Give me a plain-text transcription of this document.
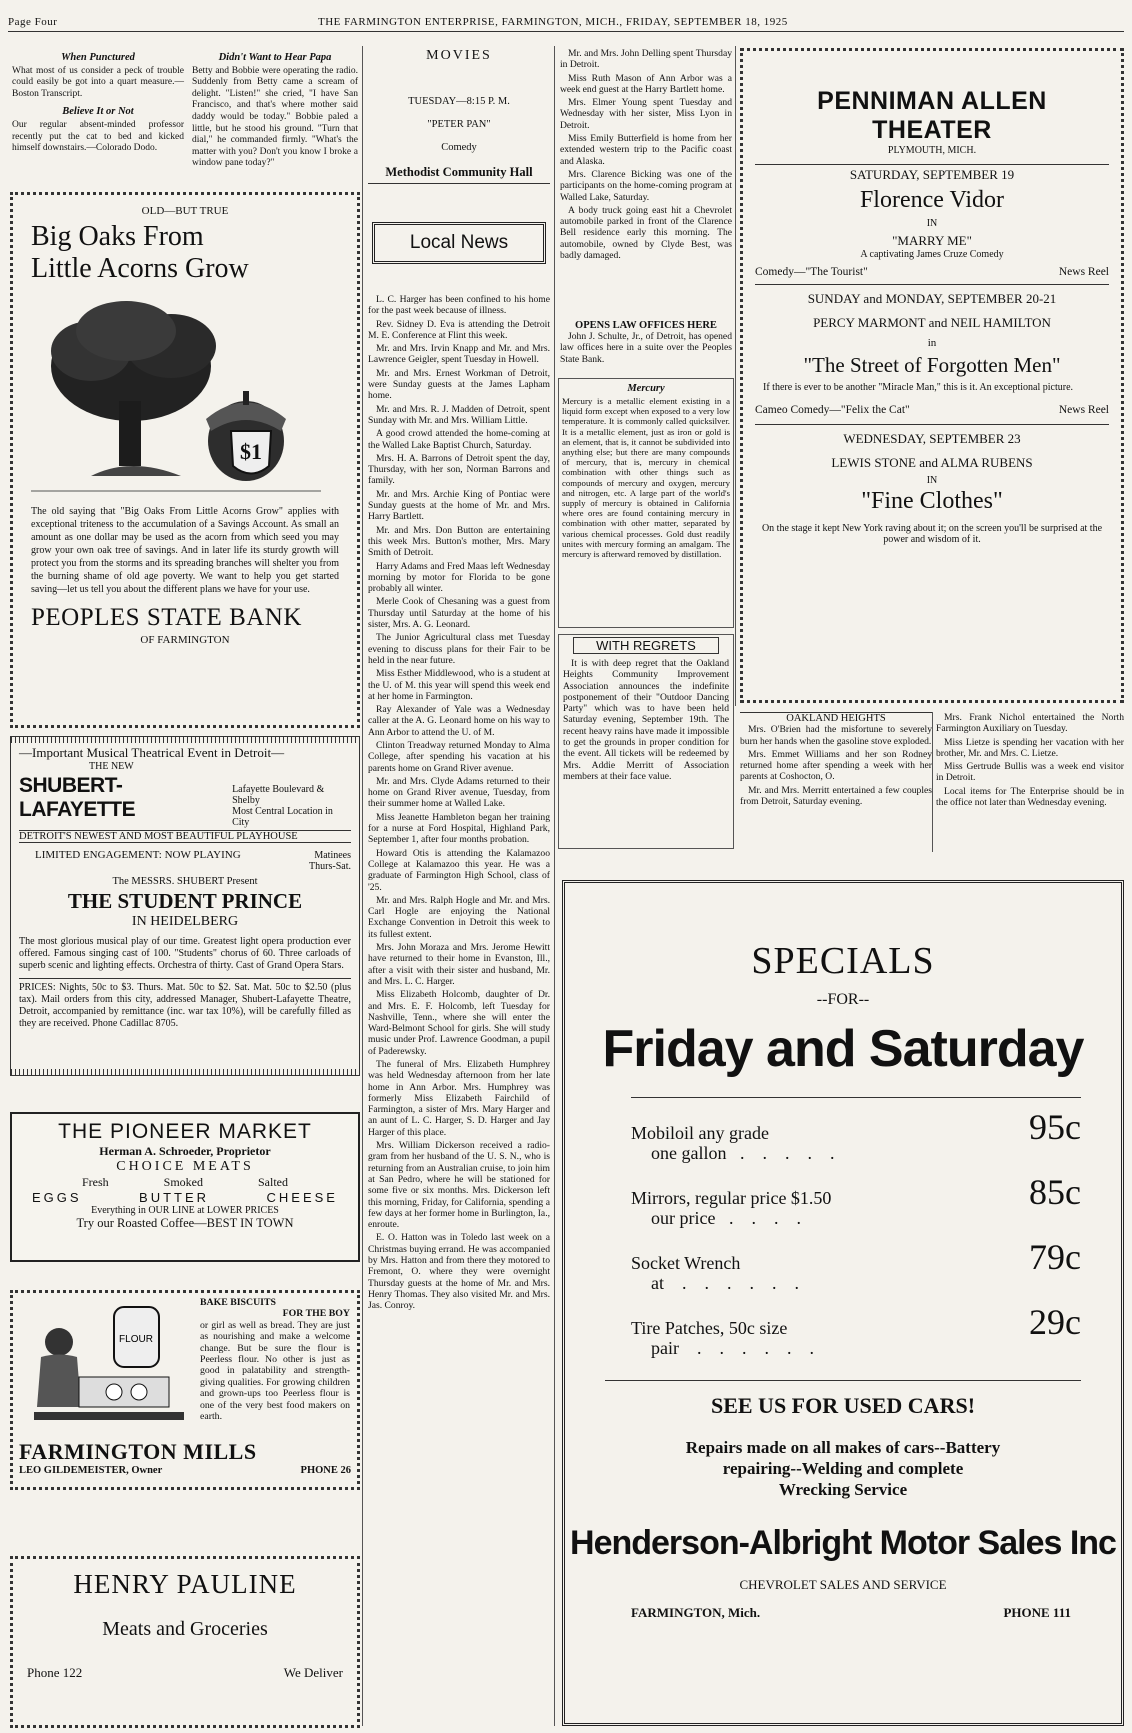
Page Four	THE FARMINGTON ENTERPRISE, FARMINGTON, MICH., FRIDAY, SEPTEMBER 18, 1925
When Punctured
What most of us consider a peck of trouble could easily be got into a quart measure.—Boston Transcript.
Believe It or Not
Our regular absent-minded professor recently put the cat to bed and kicked himself downstairs.—Colorado Dodo.
Didn't Want to Hear Papa
Betty and Bobbie were operating the radio. Suddenly from Betty came a scream of delight. "Listen!" she cried, "I have San Francisco, and that's where mother said daddy would be today." Bobbie paled a little, but he stood his ground. "Turn that dial," he commanded firmly. "What's the matter with you? Don't you know I broke a window pane today?"
OLD—BUT TRUE
Big Oaks From
Little Acorns Grow
$1
The old saying that "Big Oaks From Little Acorns Grow" applies with exceptional triteness to the accumulation of a Savings Account. As small an amount as one dollar may be used as the acorn from which seed you may grow your own oak tree of savings. And in later life its sturdy growth will protect you from the storms and its spreading branches will shelter you from the burning shame of old age poverty. We want to help you get started saving—let us tell you about the different plans we have for your use.
PEOPLES STATE BANK
OF FARMINGTON
—Important Musical Theatrical Event in Detroit—
THE NEW
SHUBERT-LAFAYETTE
Lafayette Boulevard & Shelby
Most Central Location in City
DETROIT'S NEWEST AND MOST BEAUTIFUL PLAYHOUSE
LIMITED ENGAGEMENT: NOW PLAYING	Matinees
Thurs-Sat.
The MESSRS. SHUBERT Present
THE STUDENT PRINCE
IN HEIDELBERG
The most glorious musical play of our time. Greatest light opera production ever offered. Famous singing cast of 100. "Students" chorus of 60. Three carloads of superb scenic and lighting effects. Orchestra of thirty. Cast of Grand Opera Stars.
PRICES: Nights, 50c to $3. Thurs. Mat. 50c to $2. Sat. Mat. 50c to $2.50 (plus tax). Mail orders from this city, addressed Manager, Shubert-Lafayette Theatre, Detroit, accompanied by remittance (inc. war tax 10%), will be carefully filled as they are received. Phone Cadillac 8705.
THE PIONEER MARKET
Herman A. Schroeder, Proprietor
CHOICE MEATS
Fresh	Smoked	Salted
EGGS	BUTTER	CHEESE
Everything in OUR LINE at LOWER PRICES
Try our Roasted Coffee—BEST IN TOWN
FLOUR
BAKE BISCUITS
FOR THE BOY
or girl as well as bread. They are just as nourishing and make a welcome change. But be sure the flour is Peerless flour. No other is just as good in palatability and strength-giving qualities. For growing children and grown-ups too Peerless flour is one of the very best food makers on earth.
FARMINGTON MILLS
LEO GILDEMEISTER, Owner	PHONE 26
HENRY PAULINE
Meats and Groceries
Phone 122	We Deliver
MOVIES
TUESDAY—8:15 P. M.
"PETER PAN"
Comedy
Methodist Community Hall
Local News

L. C. Harger has been confined to his home for the past week because of illness.

Rev. Sidney D. Eva is attending the Detroit M. E. Conference at Flint this week.

Mr. and Mrs. Irvin Knapp and Mr. and Mrs. Lawrence Geigler, spent Tuesday in Howell.

Mr. and Mrs. Ernest Workman of Detroit, were Sunday guests at the James Lapham home.

Mr. and Mrs. R. J. Madden of Detroit, spent Sunday with Mr. and Mrs. William Little.

A good crowd attended the home-coming at the Walled Lake Baptist Church, Saturday.

Mrs. H. A. Barrons of Detroit spent the day, Thursday, with her son, Norman Barrons and family.

Mr. and Mrs. Archie King of Pontiac were Sunday guests at the home of Mr. and Mrs. Harry Bartlett.

Mr. and Mrs. Don Button are entertaining this week Mrs. Button's mother, Mrs. Mary Smith of Detroit.

Harry Adams and Fred Maas left Wednesday morning by motor for Florida to be gone probably all winter.

Merle Cook of Chesaning was a guest from Thursday until Saturday at the home of his sister, Mrs. A. G. Leonard.

The Junior Agricultural class met Tuesday evening to discuss plans for their Fair to be held in the near future.

Miss Esther Middlewood, who is a student at the U. of M. this year will spend this week end at her home in Farmington.

Ray Alexander of Yale was a Wednesday caller at the A. G. Leonard home on his way to Ann Arbor to attend the U. of M.

Clinton Treadway returned Monday to Alma College, after spending his vacation at his parents home on Grand River avenue.

Mr. and Mrs. Clyde Adams returned to their home on Grand River avenue, Tuesday, from their summer home at Walled Lake.

Miss Jeanette Hambleton began her training for a nurse at Ford Hospital, Highland Park, September 1, after four months probation.

Howard Otis is attending the Kalamazoo College at Kalamazoo this year. He was a graduate of Farmington High School, class of '25.

Mr. and Mrs. Ralph Hogle and Mr. and Mrs. Carl Hogle are enjoying the National Exchange Convention in Detroit this week to its fullest extent.

Mrs. John Moraza and Mrs. Jerome Hewitt have returned to their home in Evanston, Ill., after a visit with their sister and husband, Mr. and Mrs. L. C. Harger.

Miss Elizabeth Holcomb, daughter of Dr. and Mrs. E. F. Holcomb, left Tuesday for Nashville, Tenn., where she will enter the Ward-Belmont School for girls. She will study music under Prof. Lawrence Goodman, a pupil of Paderewsky.

The funeral of Mrs. Elizabeth Humphrey was held Wednesday afternoon from her late home in Ann Arbor. Mrs. Humphrey was formerly Miss Elizabeth Fairchild of Farmington, a sister of Mrs. Mary Harger and an aunt of L. C. Harger, S. D. Harger and Jay Harger of this place.

Mrs. William Dickerson received a radio-gram from her husband of the U. S. N., who is returning from an Australian cruise, to join him at San Pedro, where he will be stationed for some five or six months. Mrs. Dickerson left this morning, Friday, for California, spending a few days at her former home in Burlington, Ia., enroute.

E. O. Hatton was in Toledo last week on a Christmas buying errand. He was accompanied by Mrs. Hatton and from there they motored to Fremont, O. where they were overnight Thursday guests at the home of Mr. and Mrs. Henry Thomas. They also visited Mr. and Mrs. Jas. Conroy.

Mr. and Mrs. John Delling spent Thursday in Detroit.

Miss Ruth Mason of Ann Arbor was a week end guest at the Harry Bartlett home.

Mrs. Elmer Young spent Tuesday and Wednesday with her sister, Miss Lyon in Detroit.

Miss Emily Butterfield is home from her extended western trip to the Pacific coast and Alaska.

Mrs. Clarence Bicking was one of the participants on the home-coming program at Walled Lake, Saturday.

A body truck going east hit a Chevrolet automobile parked in front of the Clarence Bell residence early this morning. The automobile, owned by Clyde Best, was badly damaged.

OPENS LAW OFFICES HERE
John J. Schulte, Jr., of Detroit, has opened law offices here in a suite over the Peoples State Bank.
Mercury
Mercury is a metallic element existing in a liquid form except when exposed to a very low temperature. It is commonly called quicksilver. It is a metallic element, just as iron or gold is an element, that is, it cannot be subdivided into anything else; but there are many compounds of mercury, that is, mercury in chemical combination with other things such as compounds of mercury and oxygen, mercury and nitrogen, etc. A large part of the world's supply of mercury is obtained in California where ores are found containing mercury in combination with other matter, separated by various chemical processes. Gold dust readily unites with mercury forming an amalgam. The mercury is afterward removed by distillation.
WITH REGRETS
It is with deep regret that the Oakland Heights Community Improvement Association announces the indefinite postponement of their "Outdoor Dancing Party" which was to have been held Saturday evening, September 19th. The recent heavy rains have made it impossible to get the grounds in proper condition for the event. All tickets will be redeemed by Mrs. Addie Merritt of Association members at their face value.
PENNIMAN ALLEN THEATER
PLYMOUTH, MICH.
SATURDAY, SEPTEMBER 19
Florence Vidor
IN
"MARRY ME"
A captivating James Cruze Comedy
Comedy—"The Tourist"	News Reel
SUNDAY and MONDAY, SEPTEMBER 20-21
PERCY MARMONT and NEIL HAMILTON
in
"The Street of Forgotten Men"
If there is ever to be another "Miracle Man," this is it. An exceptional picture.
Cameo Comedy—"Felix the Cat"	News Reel
WEDNESDAY, SEPTEMBER 23
LEWIS STONE and ALMA RUBENS
IN
"Fine Clothes"
On the stage it kept New York raving about it; on the screen you'll be surprised at the power and wisdom of it.
OAKLAND HEIGHTS

Mrs. O'Brien had the misfortune to severely burn her hands when the gasoline stove exploded.

Mrs. Emmet Williams and her son Rodney returned home after spending a week with her parents at Coshocton, O.

Mr. and Mrs. Merritt entertained a few couples from Detroit, Saturday evening.

Mrs. Frank Nichol entertained the North Farmington Auxiliary on Tuesday.

Miss Lietze is spending her vacation with her brother, Mr. and Mrs. C. Lietze.

Miss Gertrude Bullis was a week end visitor in Detroit.

Local items for The Enterprise should be in the office not later than Wednesday evening.

SPECIALS
--FOR--
Friday and Saturday
Mobiloil any grade
one gallon   .    .    .    .    .
95c
Mirrors, regular price $1.50
our price   .    .    .    .
85c
Socket Wrench
at    .    .    .    .    .    .
79c
Tire Patches, 50c size
pair    .    .    .    .    .    .
29c
SEE US FOR USED CARS!
Repairs made on all makes of cars--Battery
repairing--Welding and complete
Wrecking Service
Henderson-Albright Motor Sales Inc
CHEVROLET SALES AND SERVICE
FARMINGTON, Mich.	PHONE 111
